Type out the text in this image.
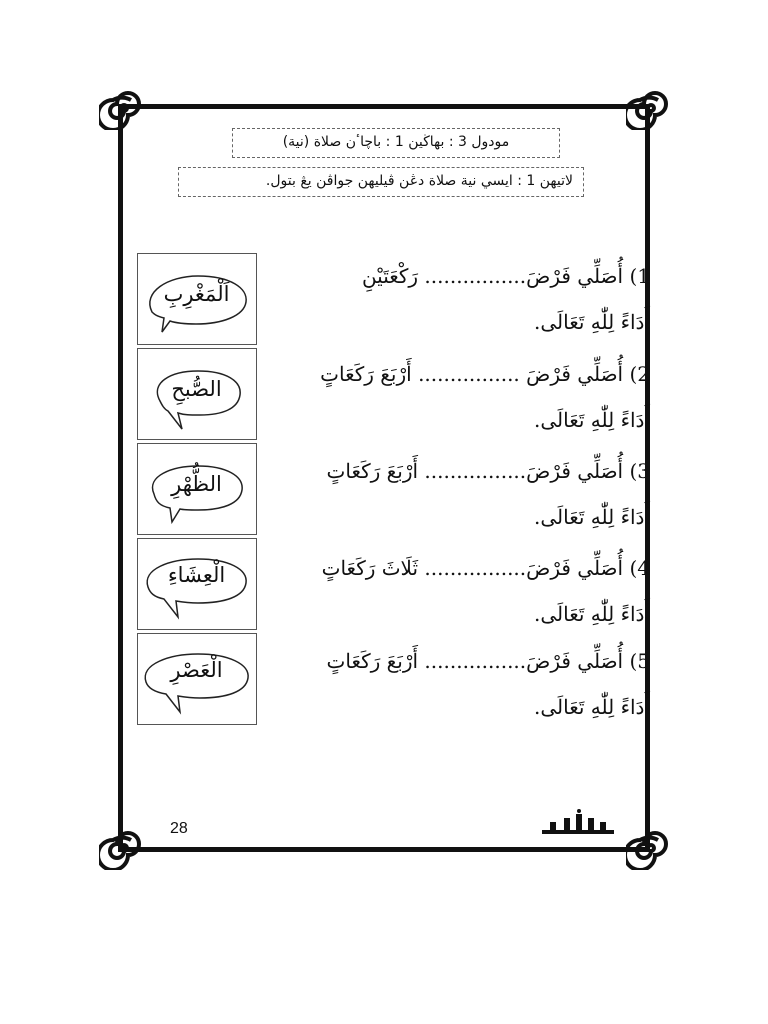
مودول 3 : بهاڬين 1 : باچاٴن صلاة (نية)
لاتيهن 1 : ايسي نية صلاة دڠن ڤيليهن جواڤن يڠ بتول.
اَلْمَغْرِبِ
الصُّبحِ
الظُّهْرِ
الْعِشَاءِ
الْعَصْرِ
1) أُصَلِّي فَرْضَ................ رَكْعَتَيْنِ
أَدَاءً لِلّٰهِ تَعَالَى.
2) أُصَلِّي فَرْضَ ................ أَرْبَعَ رَكَعَاتٍ
أَدَاءً لِلّٰهِ تَعَالَى.
3) أُصَلِّي فَرْضَ................ أَرْبَعَ رَكَعَاتٍ
أَدَاءً لِلّٰهِ تَعَالَى.
4) أُصَلِّي فَرْضَ................ ثَلَاثَ رَكَعَاتٍ
أَدَاءً لِلّٰهِ تَعَالَى.
5) أُصَلِّي فَرْضَ................ أَرْبَعَ رَكَعَاتٍ
أَدَاءً لِلّٰهِ تَعَالَى.
28
